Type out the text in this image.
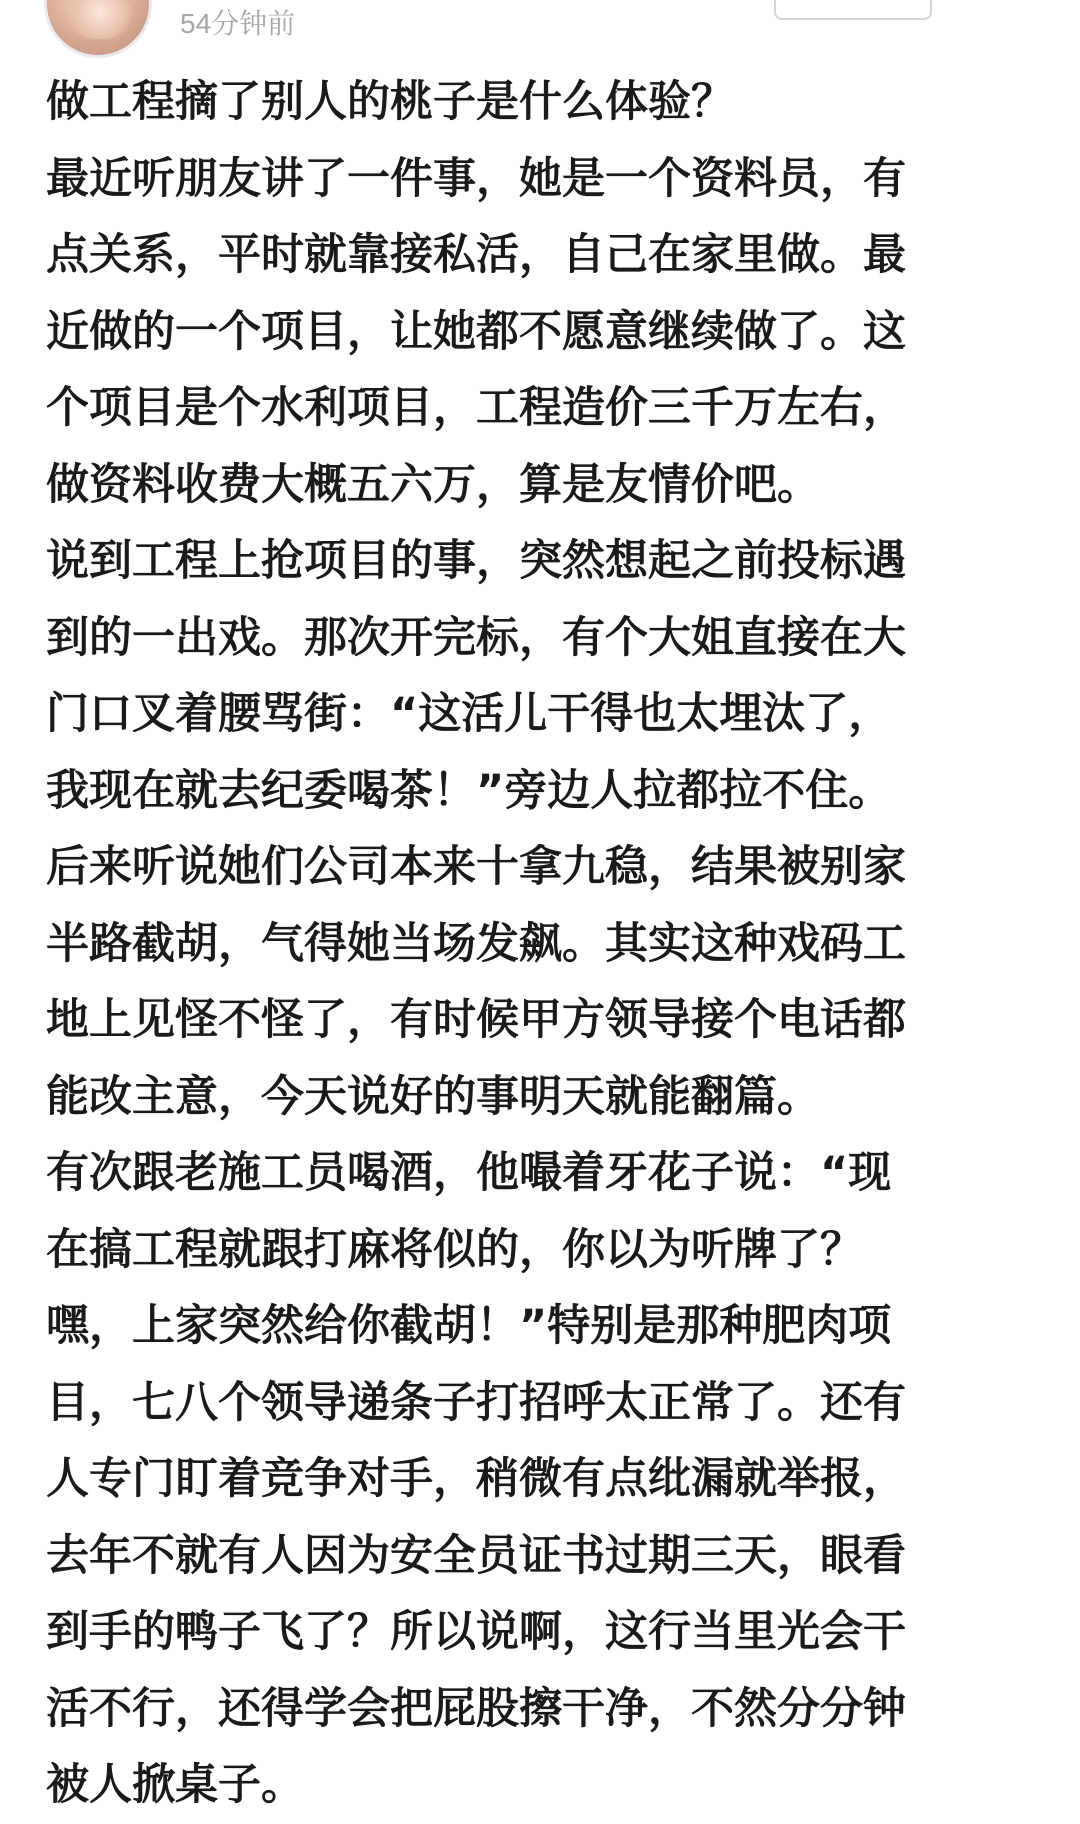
54分钟前
做工程摘了别人的桃子是什么体验？
最近听朋友讲了一件事，她是一个资料员，有
点关系，平时就靠接私活，自己在家里做。最
近做的一个项目，让她都不愿意继续做了。这
个项目是个水利项目，工程造价三千万左右，
做资料收费大概五六万，算是友情价吧。
说到工程上抢项目的事，突然想起之前投标遇
到的一出戏。那次开完标，有个大姐直接在大
门口叉着腰骂街：“这活儿干得也太埋汰了，
我现在就去纪委喝茶！”旁边人拉都拉不住。
后来听说她们公司本来十拿九稳，结果被别家
半路截胡，气得她当场发飙。其实这种戏码工
地上见怪不怪了，有时候甲方领导接个电话都
能改主意，今天说好的事明天就能翻篇。
有次跟老施工员喝酒，他嘬着牙花子说：“现
在搞工程就跟打麻将似的，你以为听牌了？
嘿，上家突然给你截胡！”特别是那种肥肉项
目，七八个领导递条子打招呼太正常了。还有
人专门盯着竞争对手，稍微有点纰漏就举报，
去年不就有人因为安全员证书过期三天，眼看
到手的鸭子飞了？所以说啊，这行当里光会干
活不行，还得学会把屁股擦干净，不然分分钟
被人掀桌子。
